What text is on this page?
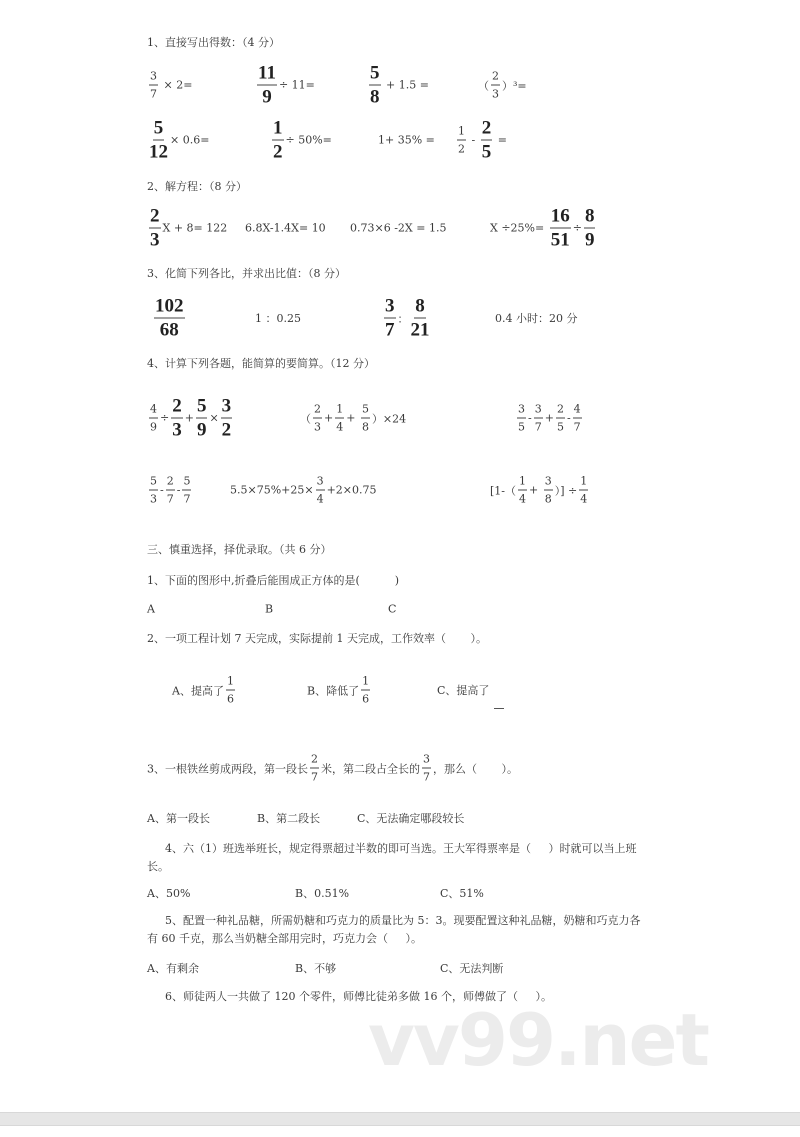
1、直接写出得数：（4 分）
$\frac{3}{7} \times 2=$	$\frac{11}{9} \div 11=$	$\frac{5}{8} + 1.5$ =	（ $\frac{2}{3} )^3=$
$\frac{5}{12} \times 0.6=$	$\frac{1}{2} \div 50\%=$	$1+ 35\% = \frac{1}{2} - \frac{2}{5}$ =
2、解方程：（8 分）
$\frac{2}{3}$ X + 8= 122 6.8X-1.4X= 10 0.73×6 -2X = 1.5	$X \div 25\%= \frac{16}{51} \div \frac{8}{9}$
3、化简下列各比，并求出比值：（8 分）
$\frac{102}{68}$	1 ：0.25	$\frac{3}{7}$ ： $\frac{8}{21}$	0.4 小时：20 分
4、计算下列各题，能简算的要简算。（12 分）
$\frac{4}{9} \div \frac{2}{3} + \frac{5}{9} \times \frac{3}{2}$	（ $\frac{2}{3} + \frac{1}{4} + \frac{5}{8} )\times 24$	$\frac{3}{5} - \frac{3}{7} + \frac{2}{5} - \frac{4}{7}$
$\frac{5}{3} - \frac{2}{7} - \frac{5}{7}$	$5.5\times 75\%+25\times \frac{3}{4} +2\times 0.75$	[$1-( \frac{1}{4} + \frac{3}{8}$ ）] ÷ $\frac{1}{4}$
三、慎重选择，择优录取。（共 6 分）
1、下面的图形中,折叠后能围成正方体的是(          )
A	B	C
2、一项工程计划 7 天完成，实际提前 1 天完成，工作效率（       ）。
A、提高了 $\frac{1}{6}$	B、降低了 $\frac{1}{6}$	C、提高了
3、一根铁丝剪成两段，第一段长 $\frac{2}{7}$ 米，第二段占全长的 $\frac{3}{7}$ ，那么（       ）。
A、第一段长	B、第二段长	C、无法确定哪段较长
4、六（1）班选举班长，规定得票超过半数的即可当选。王大军得票率是（     ）时就可以当上班
长。
A、50%	B、0.51%	C、51%
5、配置一种礼品糖，所需奶糖和巧克力的质量比为 5：3。现要配置这种礼品糖，奶糖和巧克力各
有 60 千克，那么当奶糖全部用完时，巧克力会（     ）。
A、有剩余	B、不够	C、无法判断
6、师徒两人一共做了 120 个零件，师傅比徒弟多做 16 个，师傅做了（     ）。
vv99.net
